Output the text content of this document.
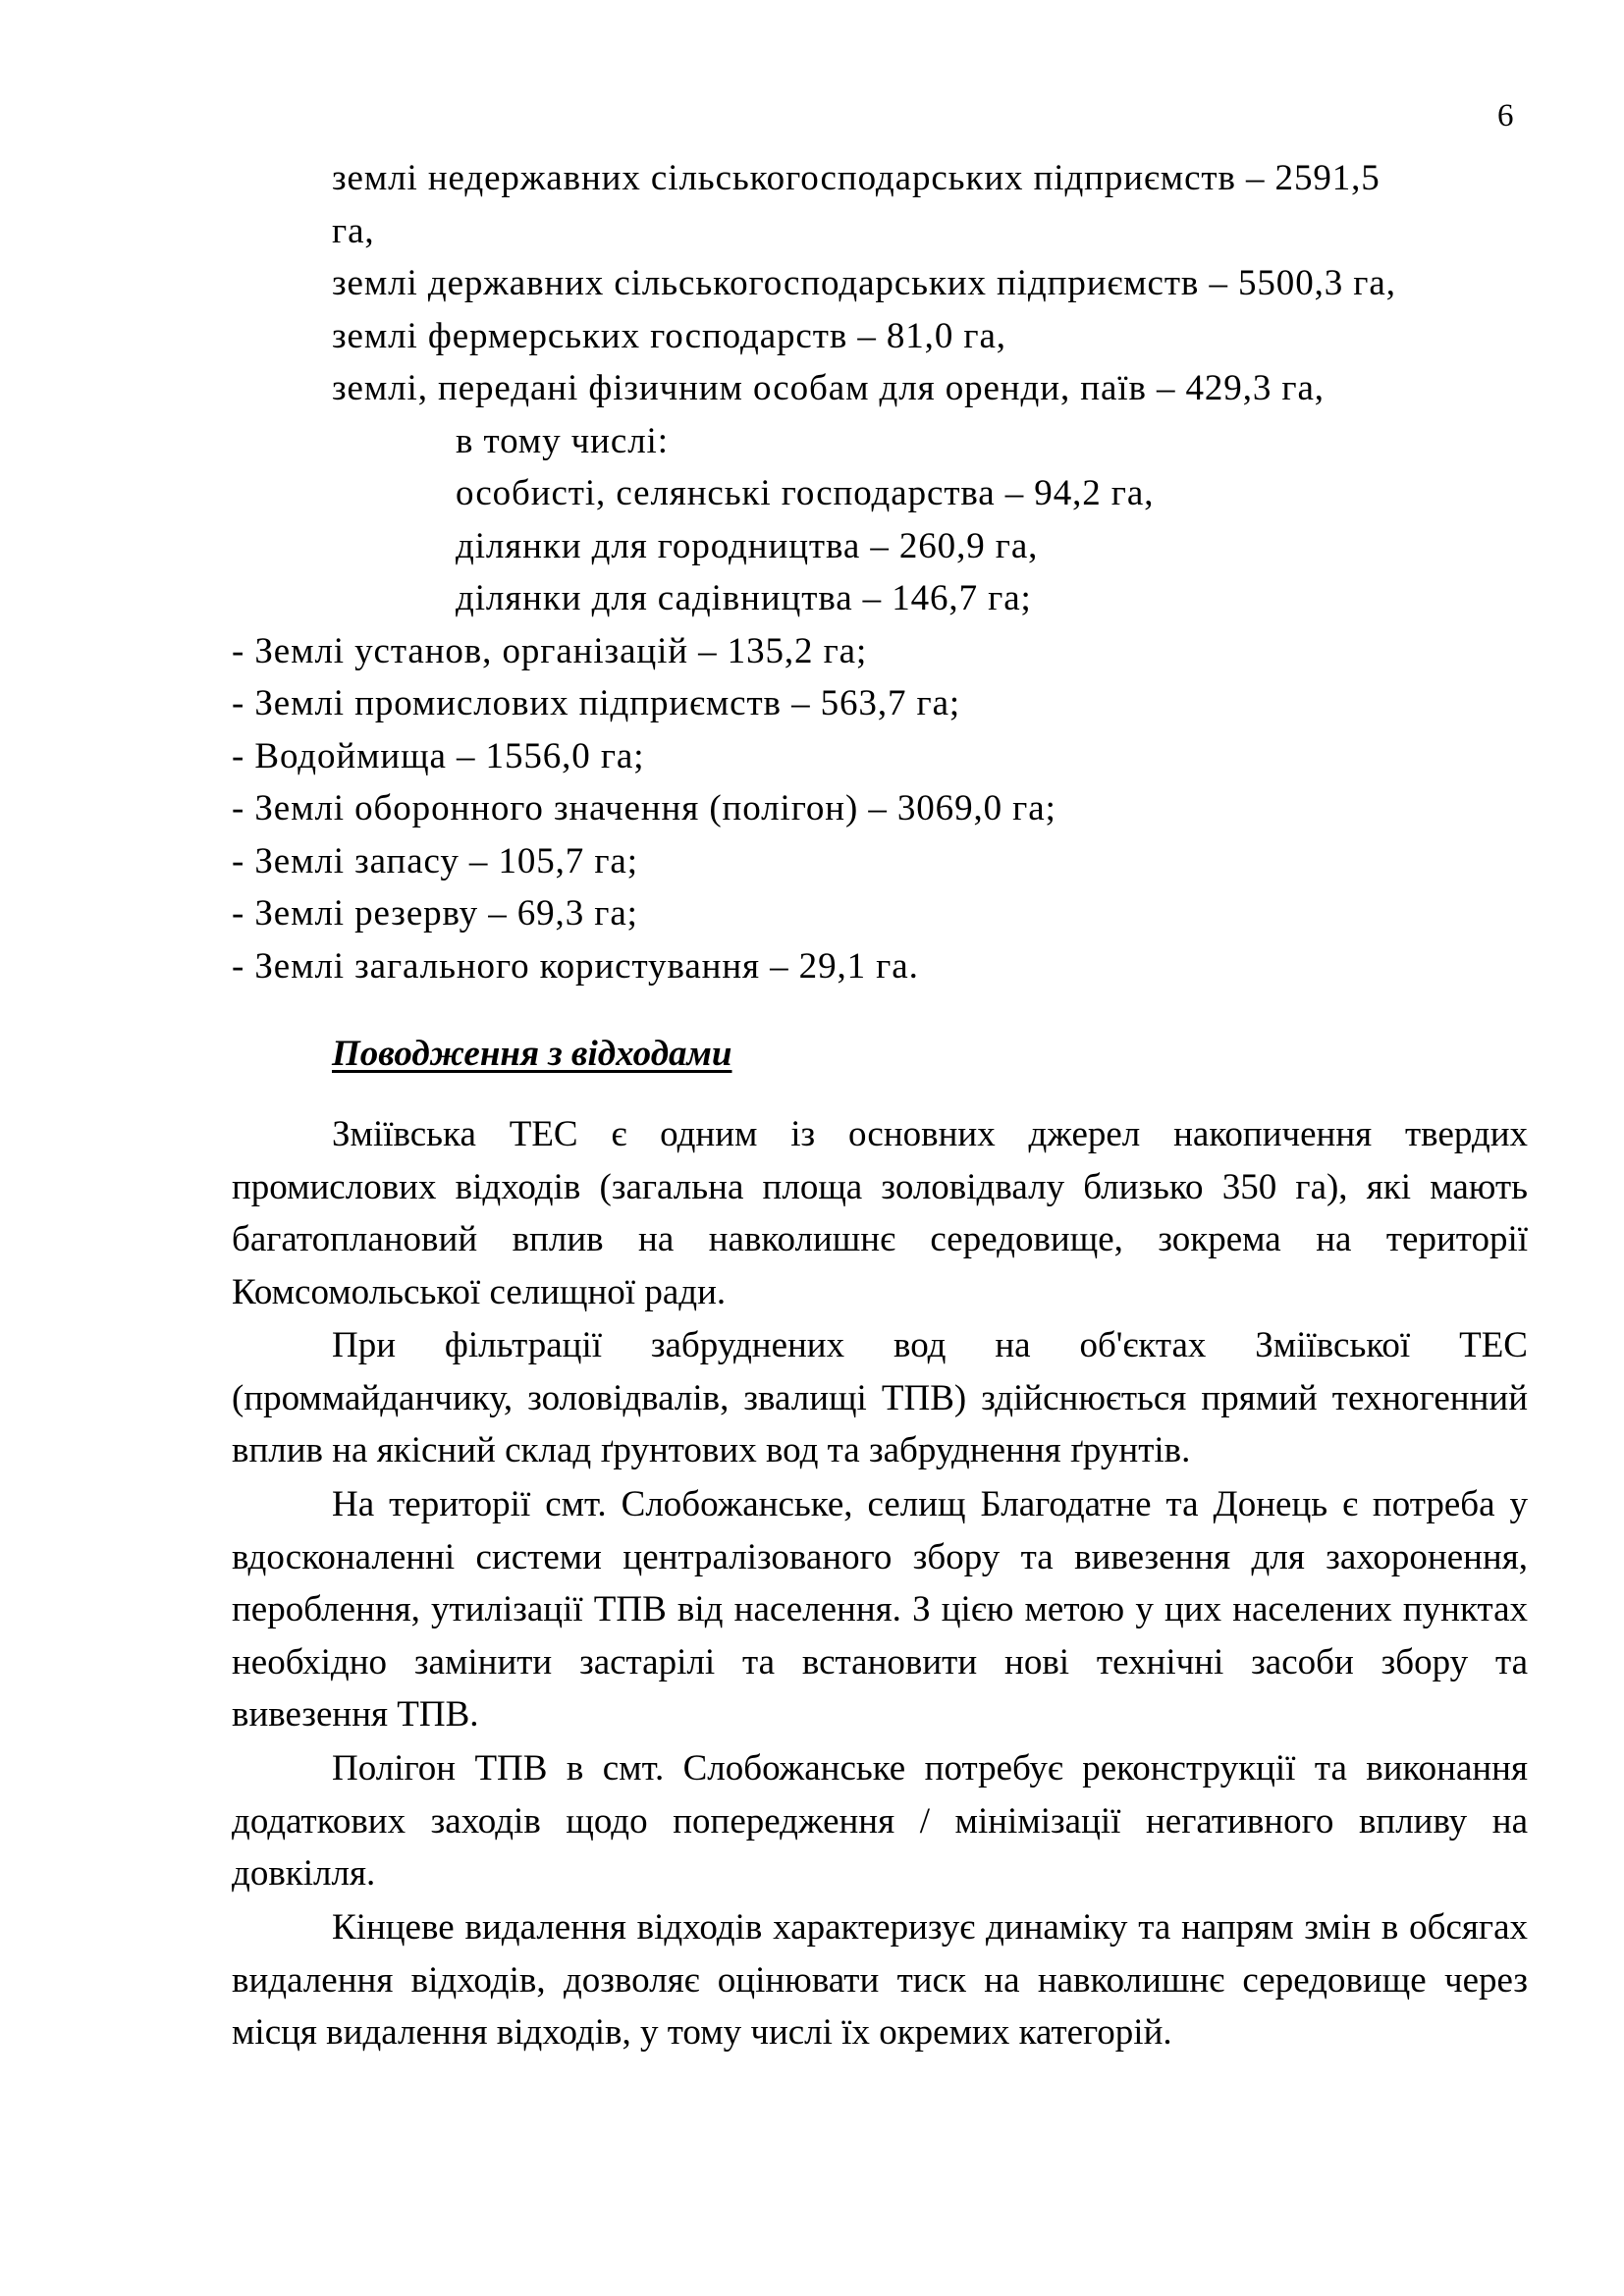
6
землі недержавних сільськогосподарських підприємств – 2591,5
га,
землі державних сільськогосподарських підприємств – 5500,3 га,
землі фермерських господарств – 81,0 га,
землі, передані фізичним особам для оренди, паїв – 429,3 га,
в тому числі:
особисті, селянські господарства – 94,2 га,
ділянки для городництва – 260,9 га,
ділянки для садівництва – 146,7 га;
- Землі установ, організацій – 135,2 га;
- Землі промислових підприємств – 563,7 га;
- Водоймища – 1556,0 га;
- Землі оборонного значення (полігон) – 3069,0 га;
- Землі запасу – 105,7 га;
- Землі резерву – 69,3 га;
- Землі загального користування – 29,1 га.
Поводження з відходами

Зміївська ТЕС є одним із основних джерел накопичення твердих промислових відходів (загальна площа золовідвалу близько 350 га), які мають багатоплановий вплив на навколишнє середовище, зокрема на території Комсомольської селищної ради.

При фільтрації забруднених вод на об'єктах Зміївської ТЕС (проммайданчику, золовідвалів, звалищі ТПВ) здійснюється прямий техногенний вплив на якісний склад ґрунтових вод та забруднення ґрунтів.

На території смт. Слобожанське, селищ Благодатне та Донець є потреба у вдосконаленні системи централізованого збору та вивезення для захоронення, пероблення, утилізації ТПВ від населення. З цією метою у цих населених пунктах необхідно замінити застарілі та встановити нові технічні засоби збору та вивезення ТПВ.

Полігон ТПВ в смт. Слобожанське потребує реконструкції та виконання додаткових заходів щодо попередження / мінімізації негативного впливу на довкілля.

Кінцеве видалення відходів характеризує динаміку та напрям змін в обсягах видалення відходів, дозволяє оцінювати тиск на навколишнє середовище через місця видалення відходів, у тому числі їх окремих категорій.
